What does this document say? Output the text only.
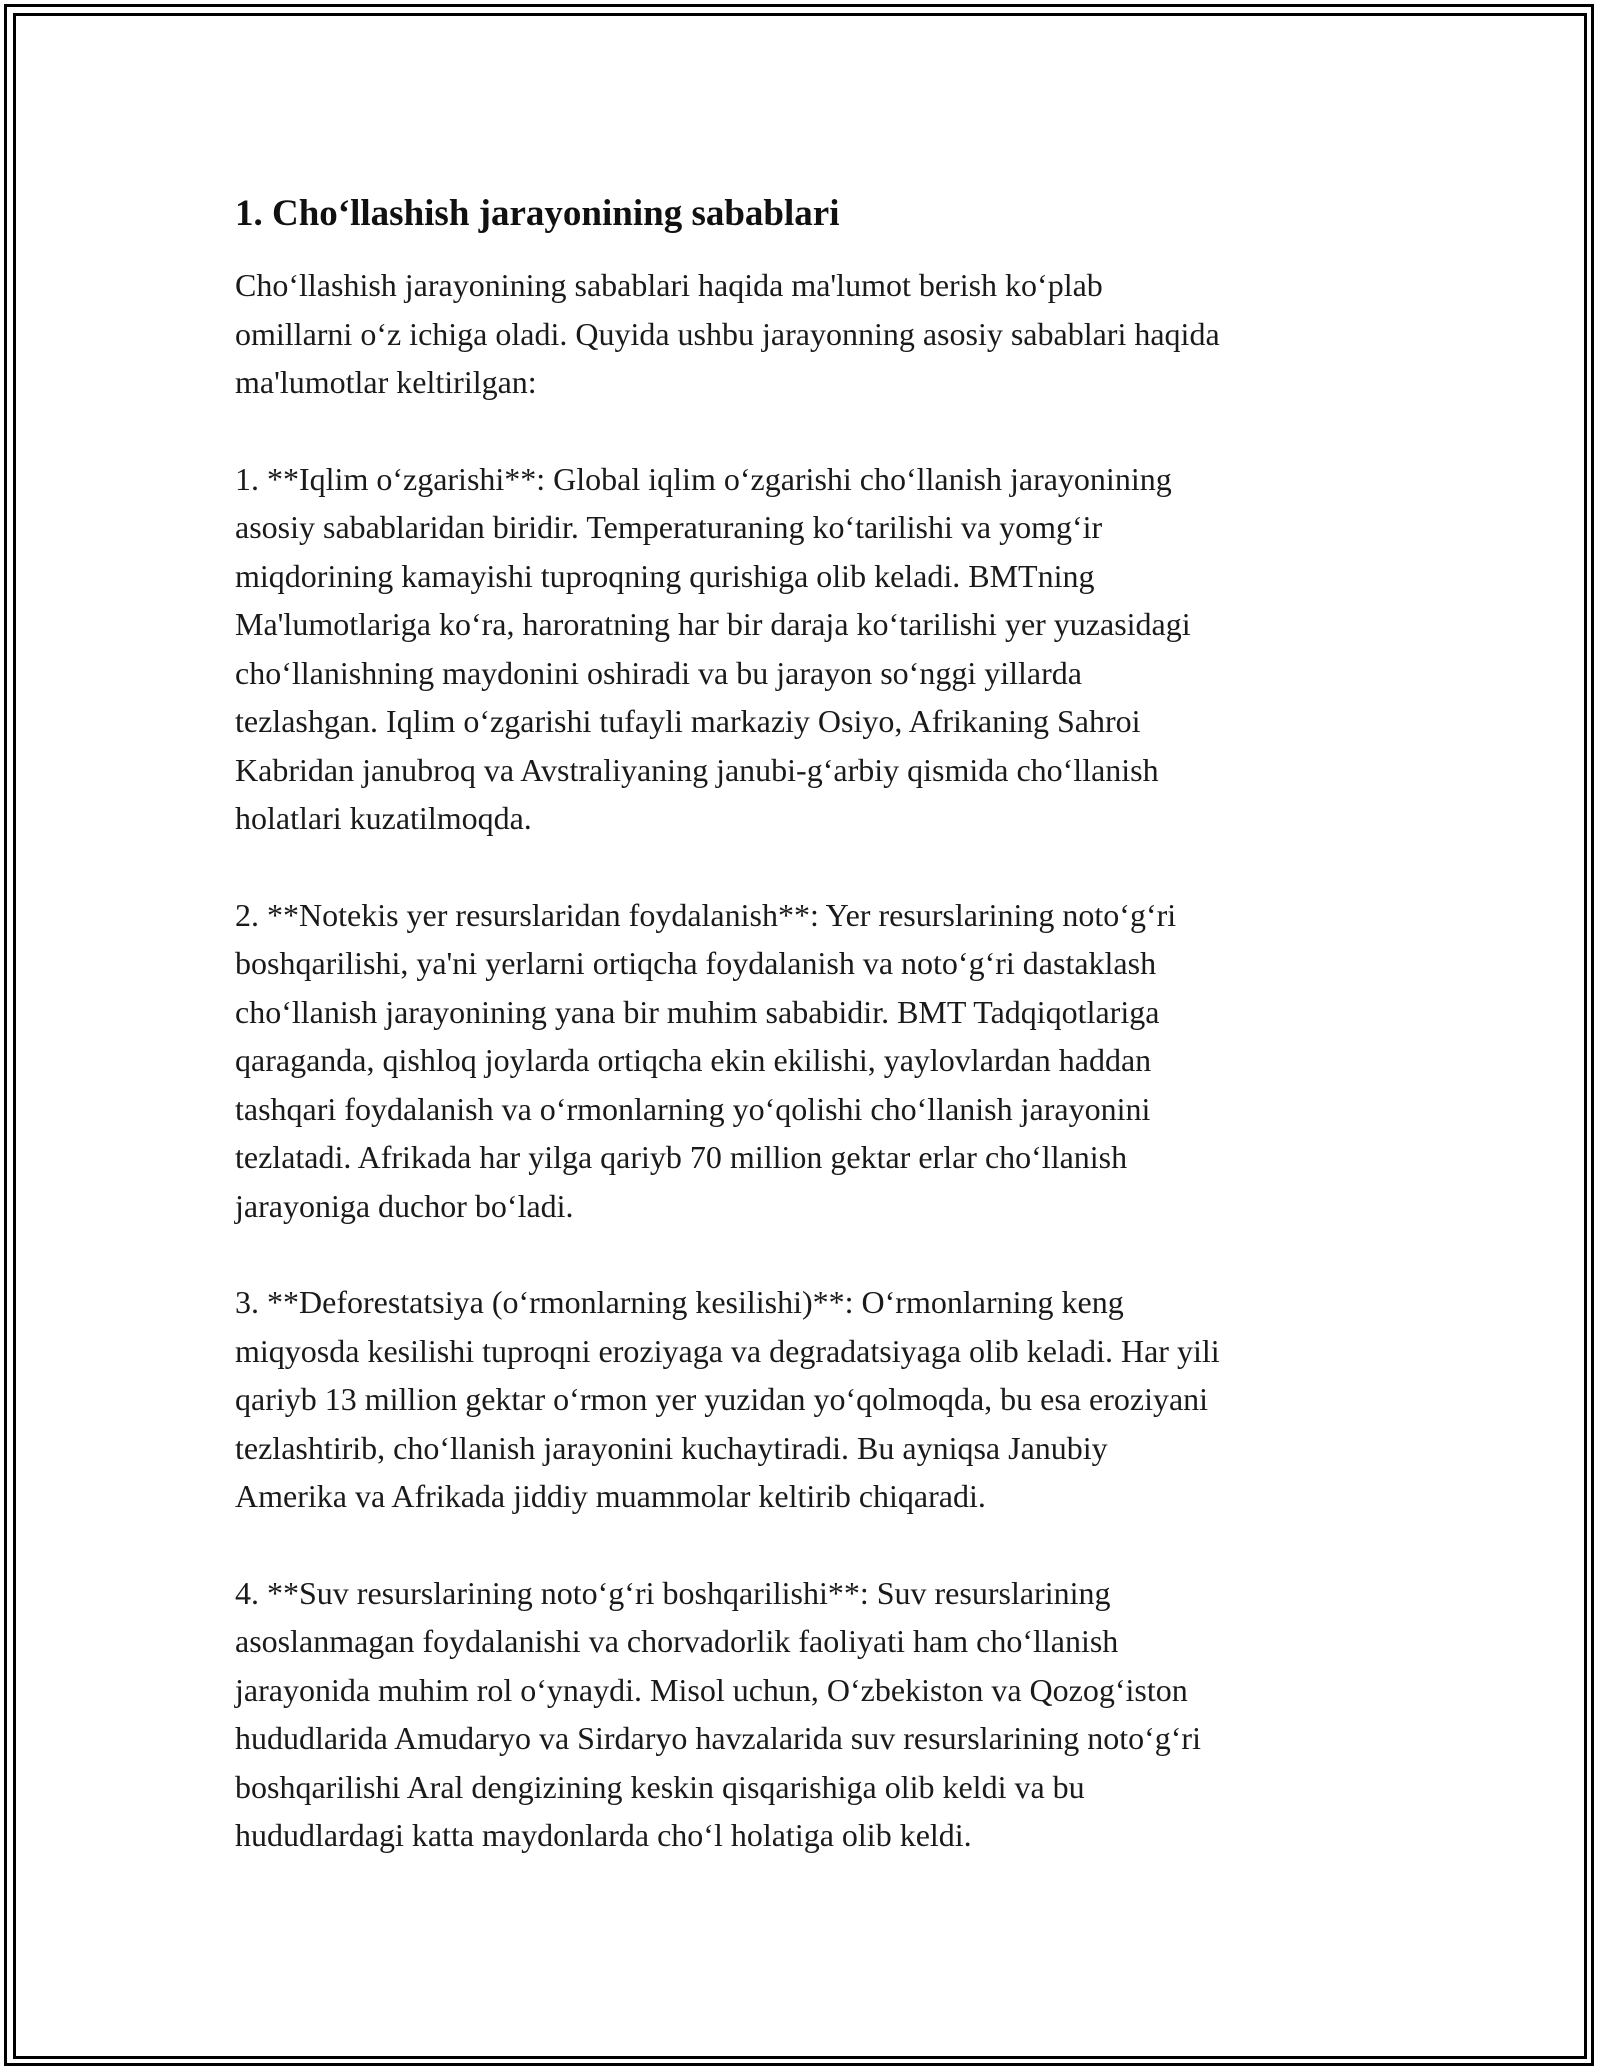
1. Cho‘llashish jarayonining sabablari

Cho‘llashish jarayonining sabablari haqida ma'lumot berish ko‘plab
omillarni o‘z ichiga oladi. Quyida ushbu jarayonning asosiy sabablari haqida
ma'lumotlar keltirilgan:

1. **Iqlim o‘zgarishi**: Global iqlim o‘zgarishi cho‘llanish jarayonining
asosiy sabablaridan biridir. Temperaturaning ko‘tarilishi va yomg‘ir
miqdorining kamayishi tuproqning qurishiga olib keladi. BMTning
Ma'lumotlariga ko‘ra, haroratning har bir daraja ko‘tarilishi yer yuzasidagi
cho‘llanishning maydonini oshiradi va bu jarayon so‘nggi yillarda
tezlashgan. Iqlim o‘zgarishi tufayli markaziy Osiyo, Afrikaning Sahroi
Kabridan janubroq va Avstraliyaning janubi-g‘arbiy qismida cho‘llanish
holatlari kuzatilmoqda.

2. **Notekis yer resurslaridan foydalanish**: Yer resurslarining noto‘g‘ri
boshqarilishi, ya'ni yerlarni ortiqcha foydalanish va noto‘g‘ri dastaklash
cho‘llanish jarayonining yana bir muhim sababidir. BMT Tadqiqotlariga
qaraganda, qishloq joylarda ortiqcha ekin ekilishi, yaylovlardan haddan
tashqari foydalanish va o‘rmonlarning yo‘qolishi cho‘llanish jarayonini
tezlatadi. Afrikada har yilga qariyb 70 million gektar erlar cho‘llanish
jarayoniga duchor bo‘ladi.

3. **Deforestatsiya (o‘rmonlarning kesilishi)**: O‘rmonlarning keng
miqyosda kesilishi tuproqni eroziyaga va degradatsiyaga olib keladi. Har yili
qariyb 13 million gektar o‘rmon yer yuzidan yo‘qolmoqda, bu esa eroziyani
tezlashtirib, cho‘llanish jarayonini kuchaytiradi. Bu ayniqsa Janubiy
Amerika va Afrikada jiddiy muammolar keltirib chiqaradi.

4. **Suv resurslarining noto‘g‘ri boshqarilishi**: Suv resurslarining
asoslanmagan foydalanishi va chorvadorlik faoliyati ham cho‘llanish
jarayonida muhim rol o‘ynaydi. Misol uchun, O‘zbekiston va Qozog‘iston
hududlarida Amudaryo va Sirdaryo havzalarida suv resurslarining noto‘g‘ri
boshqarilishi Aral dengizining keskin qisqarishiga olib keldi va bu
hududlardagi katta maydonlarda cho‘l holatiga olib keldi.
